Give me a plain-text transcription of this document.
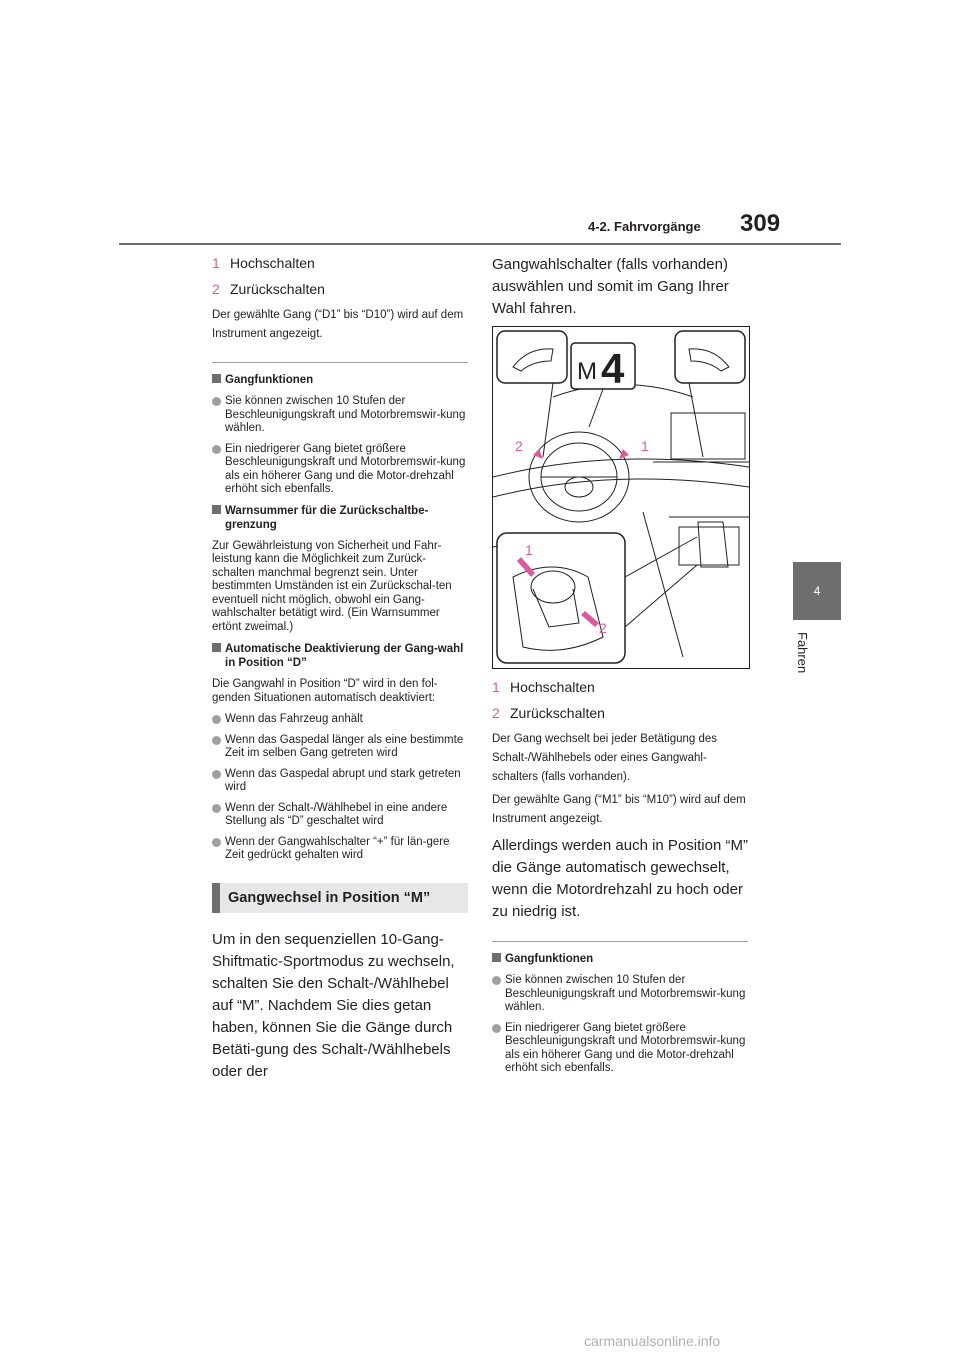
4-2. Fahrvorgänge 309
4
Fahren

1 Hochschalten

2 Zurückschalten

Der gewählte Gang (“D1” bis “D10”) wird auf dem Instrument angezeigt.

Gangfunktionen

Sie können zwischen 10 Stufen der Beschleunigungskraft und Motorbremswir-kung wählen.

Ein niedrigerer Gang bietet größere Beschleunigungskraft und Motorbremswir-kung als ein höherer Gang und die Motor-drehzahl erhöht sich ebenfalls.

Warnsummer für die Zurückschaltbe-grenzung

Zur Gewährleistung von Sicherheit und Fahr-leistung kann die Möglichkeit zum Zurück-schalten manchmal begrenzt sein. Unter bestimmten Umständen ist ein Zurückschal-ten eventuell nicht möglich, obwohl ein Gang-wahlschalter betätigt wird. (Ein Warnsummer ertönt zweimal.)

Automatische Deaktivierung der Gang-wahl in Position “D”

Die Gangwahl in Position “D” wird in den fol-genden Situationen automatisch deaktiviert:

Wenn das Fahrzeug anhält

Wenn das Gaspedal länger als eine bestimmte Zeit im selben Gang getreten wird

Wenn das Gaspedal abrupt und stark getreten wird

Wenn der Schalt-/Wählhebel in eine andere Stellung als “D” geschaltet wird

Wenn der Gangwahlschalter “+” für län-gere Zeit gedrückt gehalten wird

Gangwechsel in Position “M”

Um in den sequenziellen 10-Gang-Shiftmatic-Sportmodus zu wechseln, schalten Sie den Schalt-/Wählhebel auf “M”. Nachdem Sie dies getan haben, können Sie die Gänge durch Betäti-gung des Schalt-/Wählhebels oder der

Gangwahlschalter (falls vorhanden) auswählen und somit im Gang Ihrer Wahl fahren.

M 4
2	1
1
2

1 Hochschalten

2 Zurückschalten

Der Gang wechselt bei jeder Betätigung des Schalt-/Wählhebels oder eines Gangwahl-schalters (falls vorhanden).

Der gewählte Gang (“M1” bis “M10”) wird auf dem Instrument angezeigt.

Allerdings werden auch in Position “M” die Gänge automatisch gewechselt, wenn die Motordrehzahl zu hoch oder zu niedrig ist.

Gangfunktionen

Sie können zwischen 10 Stufen der Beschleunigungskraft und Motorbremswir-kung wählen.

Ein niedrigerer Gang bietet größere Beschleunigungskraft und Motorbremswir-kung als ein höherer Gang und die Motor-drehzahl erhöht sich ebenfalls.

carmanualsonline.info
